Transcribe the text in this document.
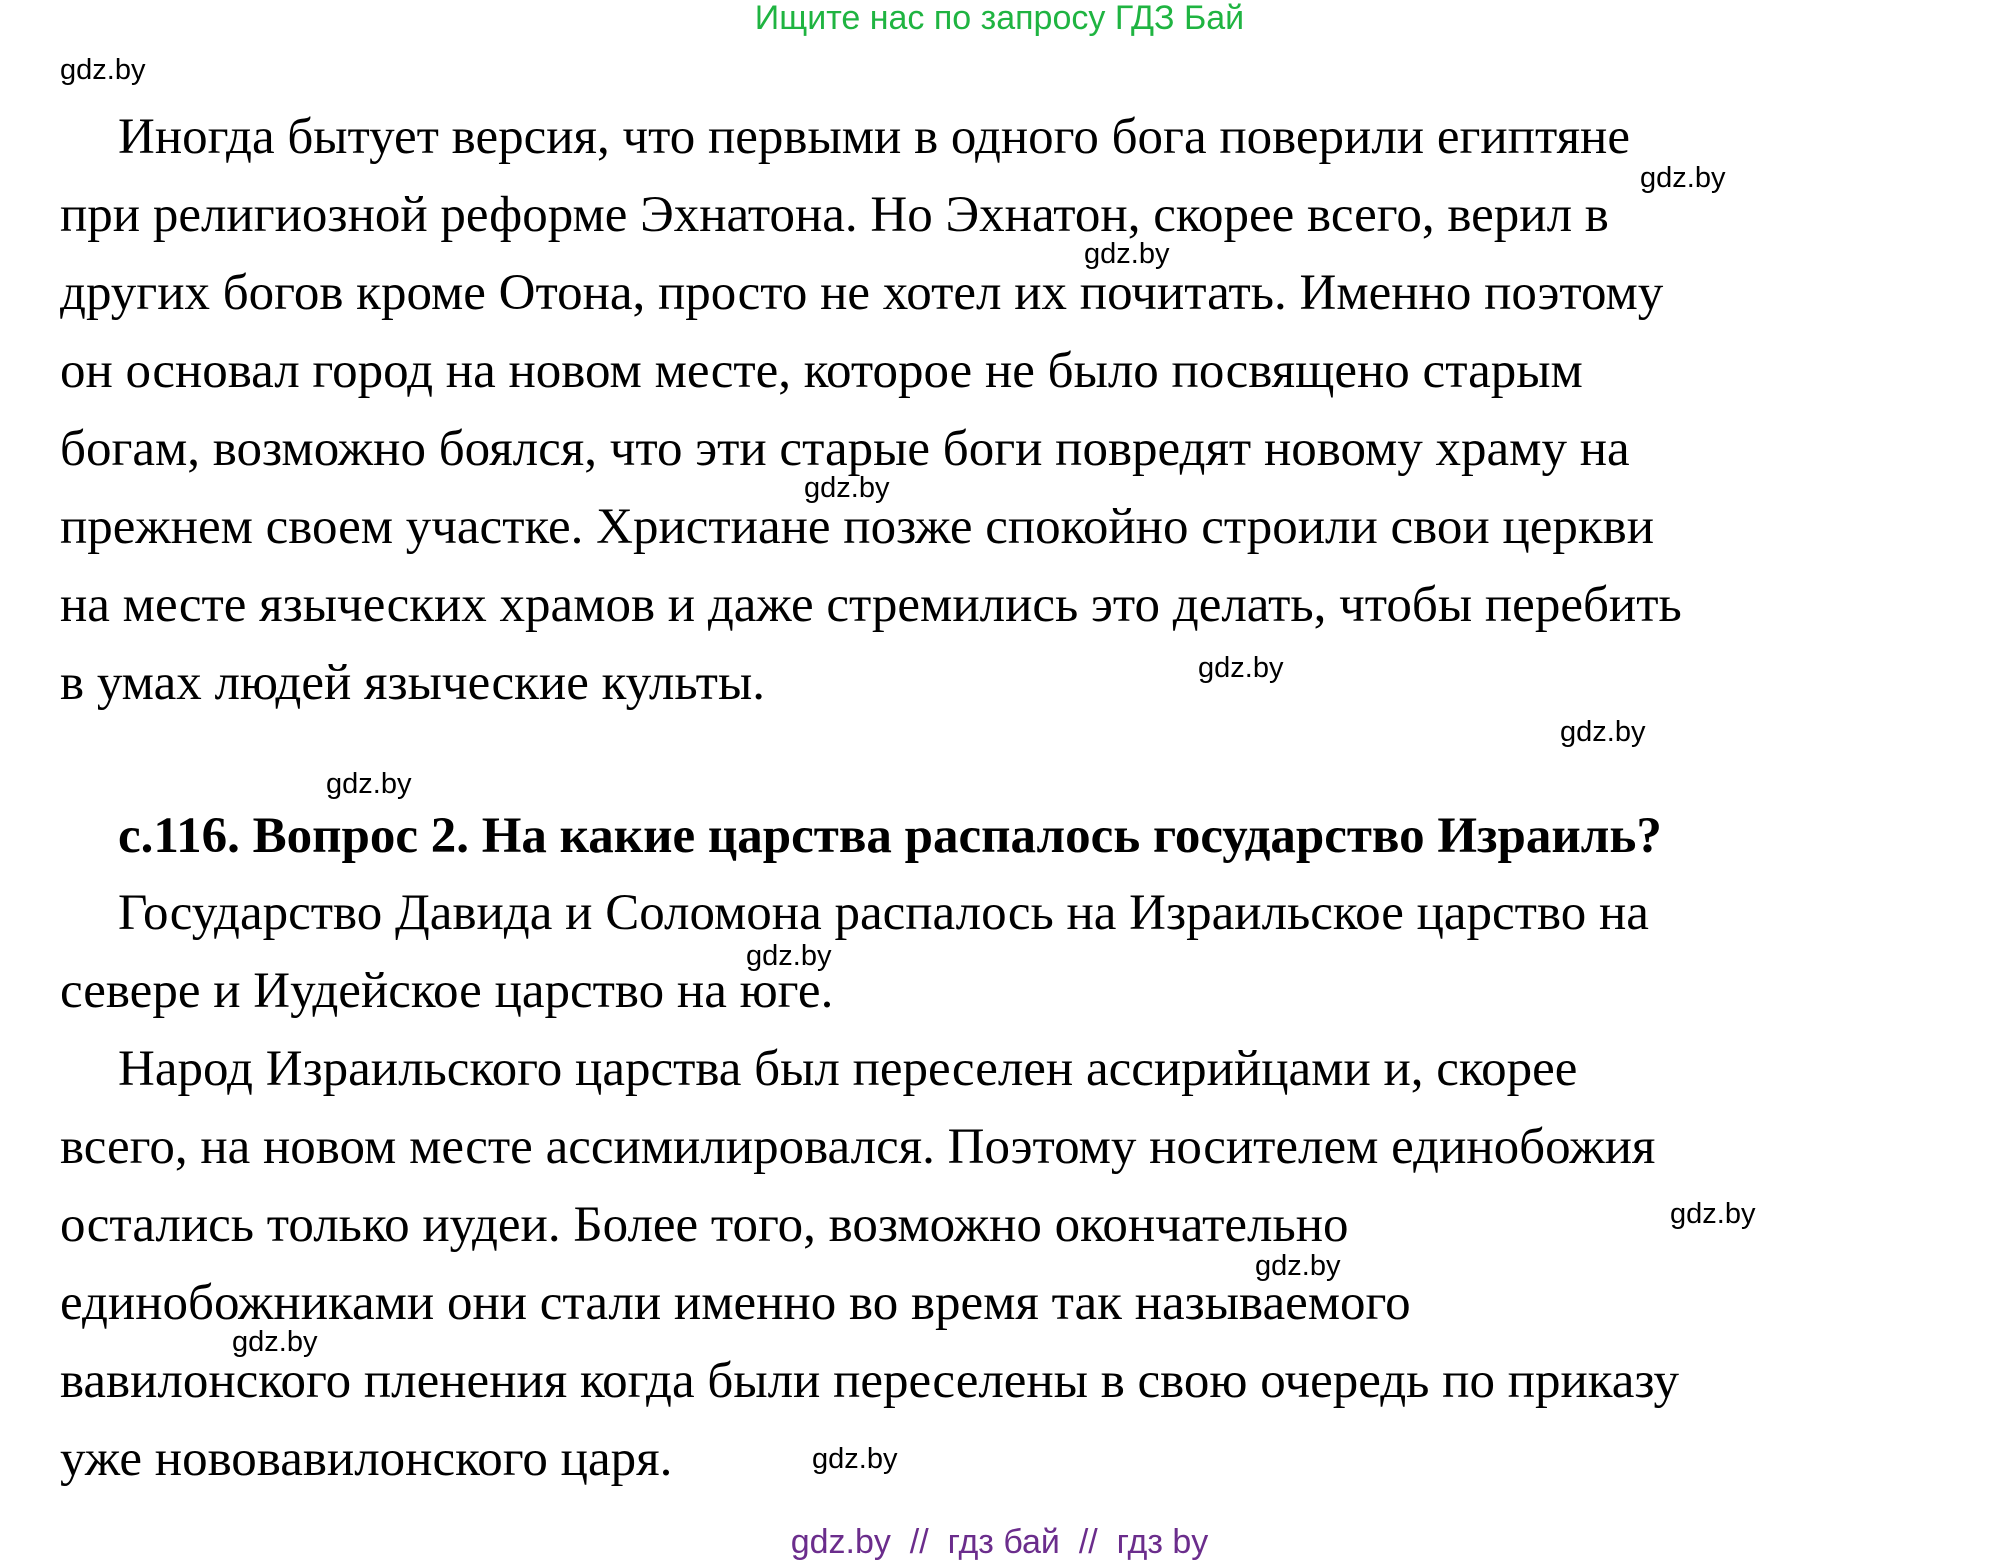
Ищите нас по запросу ГДЗ Бай
gdz.by
gdz.by
gdz.by
gdz.by
gdz.by
gdz.by
gdz.by
gdz.by
gdz.by
gdz.by
gdz.by
gdz.by
Иногда бытует версия, что первыми в одного бога поверили египтяне
при религиозной реформе Эхнатона. Но Эхнатон, скорее всего, верил в
других богов кроме Отона, просто не хотел их почитать. Именно поэтому
он основал город на новом месте, которое не было посвящено старым
богам, возможно боялся, что эти старые боги повредят новому храму на
прежнем своем участке. Христиане позже спокойно строили свои церкви
на месте языческих храмов и даже стремились это делать, чтобы перебить
в умах людей языческие культы.
с.116. Вопрос 2. На какие царства распалось государство Израиль?
Государство Давида и Соломона распалось на Израильское царство на
севере и Иудейское царство на юге.
Народ Израильского царства был переселен ассирийцами и, скорее
всего, на новом месте ассимилировался. Поэтому носителем единобожия
остались только иудеи. Более того, возможно окончательно
единобожниками они стали именно во время так называемого
вавилонского пленения когда были переселены в свою очередь по приказу
уже нововавилонского царя.
gdz.by  //  гдз бай  //  гдз by
